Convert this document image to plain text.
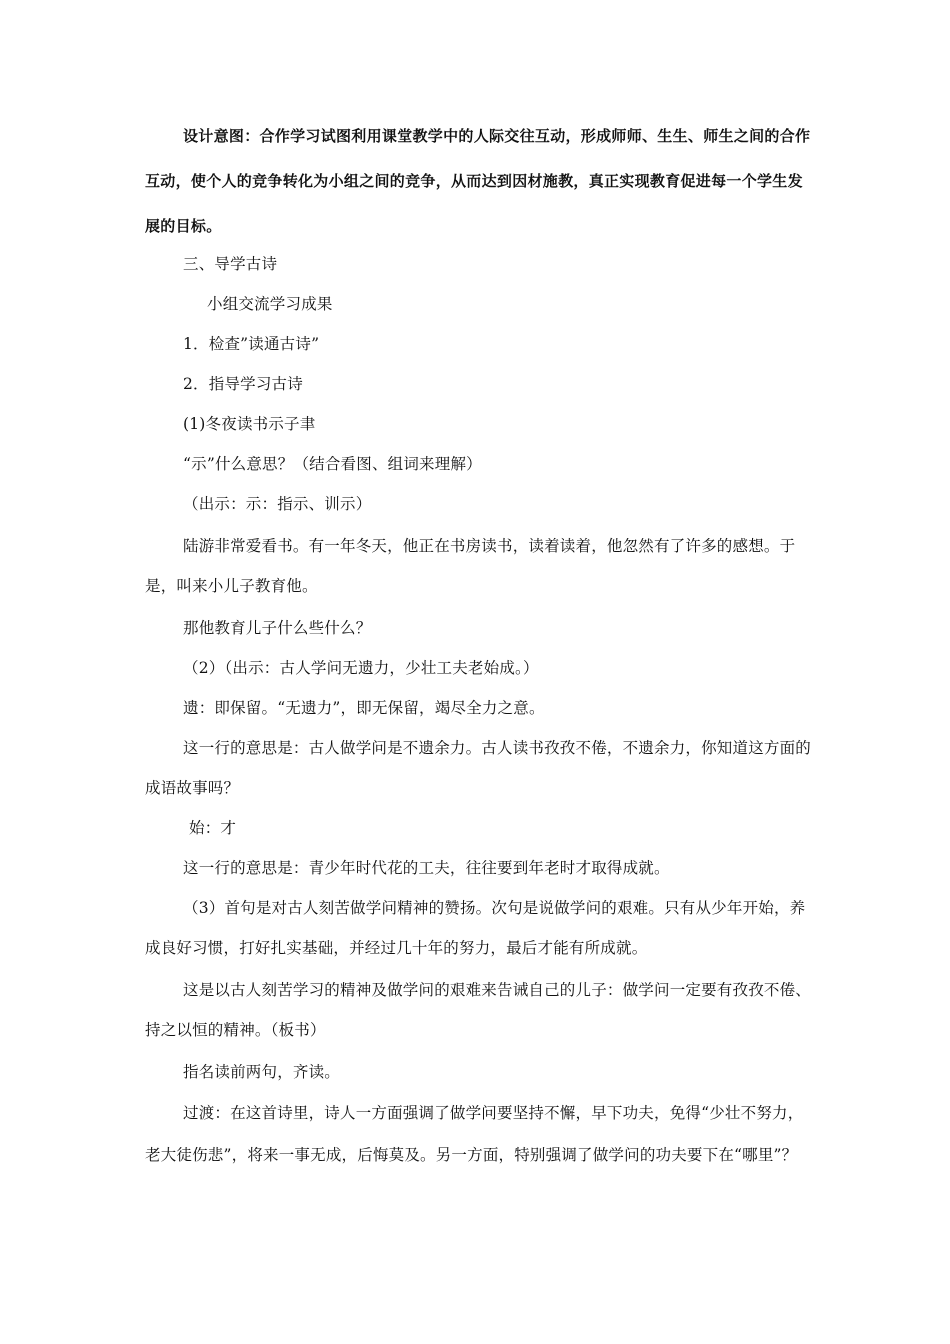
设计意图：合作学习试图利用课堂教学中的人际交往互动，形成师师、生生、师生之间的合作互动，使个人的竞争转化为小组之间的竞争，从而达到因材施教，真正实现教育促进每一个学生发展的目标。

三、导学古诗
小组交流学习成果
1．检查”读通古诗”
2．指导学习古诗
(1)冬夜读书示子聿
“示”什么意思？（结合看图、组词来理解）
（出示：示：指示、训示）

陆游非常爱看书。有一年冬天，他正在书房读书，读着读着，他忽然有了许多的感想。于是，叫来小儿子教育他。

那他教育儿子什么些什么？
（2）（出示：古人学问无遗力，少壮工夫老始成。）
遗：即保留。“无遗力”，即无保留，竭尽全力之意。

这一行的意思是：古人做学问是不遗余力。古人读书孜孜不倦，不遗余力，你知道这方面的成语故事吗？

始：才
这一行的意思是：青少年时代花的工夫，往往要到年老时才取得成就。

（3）首句是对古人刻苦做学问精神的赞扬。次句是说做学问的艰难。只有从少年开始，养成良好习惯，打好扎实基础，并经过几十年的努力，最后才能有所成就。

这是以古人刻苦学习的精神及做学问的艰难来告诫自己的儿子：做学问一定要有孜孜不倦、持之以恒的精神。（板书）

指名读前两句，齐读。

过渡：在这首诗里，诗人一方面强调了做学问要坚持不懈，早下功夫，免得“少壮不努力，老大徒伤悲”，将来一事无成，后悔莫及。另一方面，特别强调了做学问的功夫要下在“哪里”？
